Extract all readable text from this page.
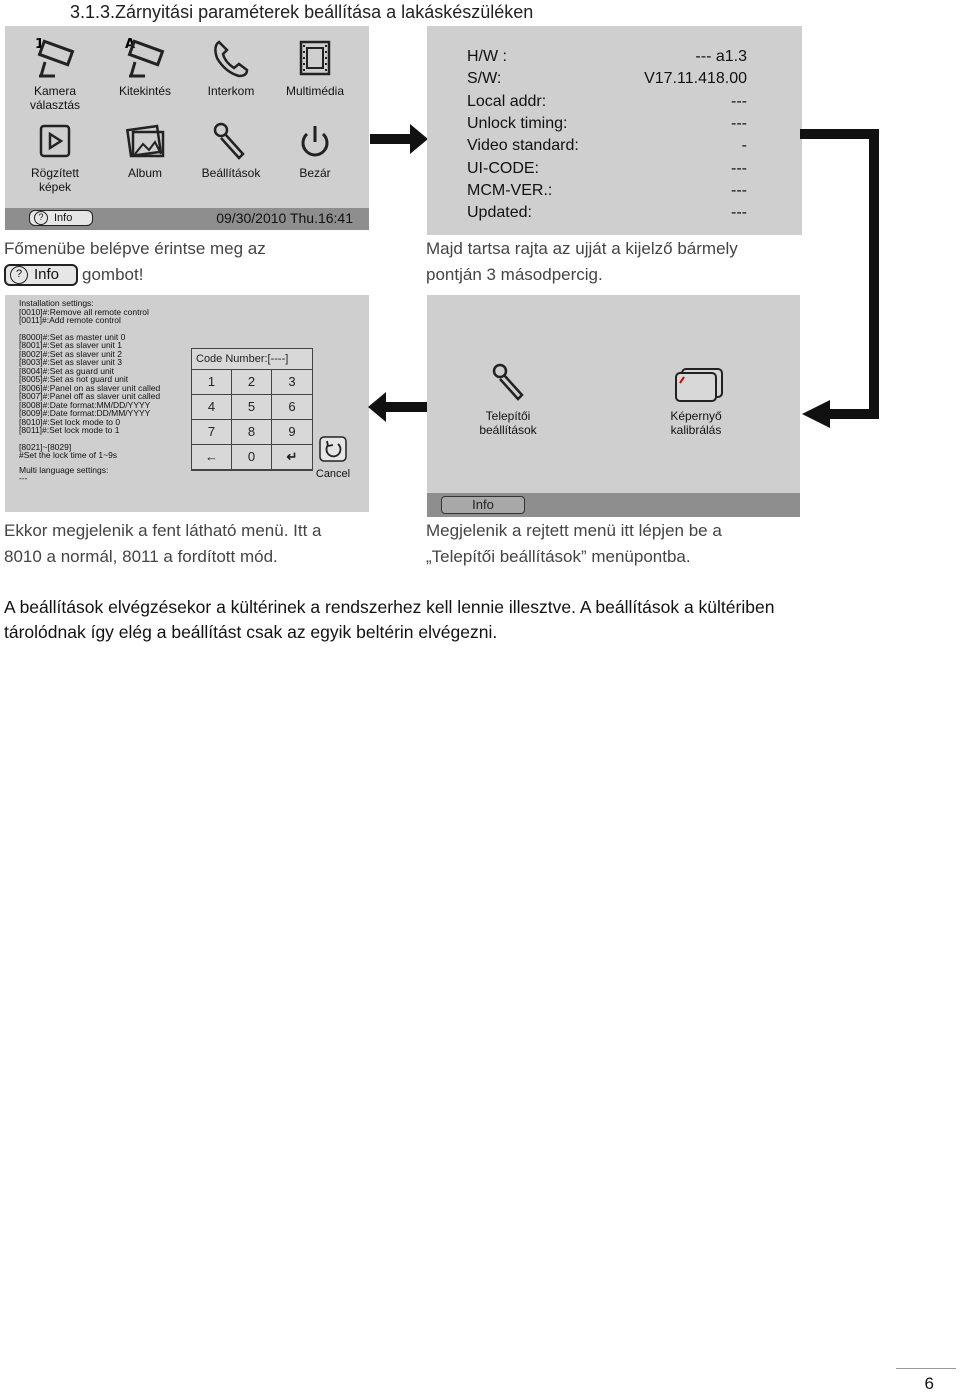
3.1.3.Zárnyitási paraméterek beállítása a lakáskészüléken
1
Kamera
választás
A
Kitekintés	Interkom	Multimédia
Rögzített
képek
Album	Beállítások	Bezár
? Info	09/30/2010 Thu.16:41
Főmenübe belépve érintse meg az
? Info gombot!
H/W :	--- a1.3
S/W:	V17.11.418.00
Local addr:	---
Unlock timing:	---
Video standard:	-
UI-CODE:	---
MCM-VER.:	---
Updated:	---
Majd tartsa rajta az ujját a kijelző bármely
pontján 3 másodpercig.
Installation settings:
[0010]#:Remove all remote control
[0011]#:Add remote control
[8000]#:Set as master unit 0
[8001]#:Set as slaver unit 1
[8002]#:Set as slaver unit 2
[8003]#:Set as slaver unit 3
[8004]#:Set as guard unit
[8005]#:Set as not guard unit
[8006]#:Panel on as slaver unit called
[8007]#:Panel off as slaver unit called
[8008]#:Date format:MM/DD/YYYY
[8009]#:Date format:DD/MM/YYYY
[8010]#:Set lock mode to 0
[8011]#:Set lock mode to 1
[8021]~[8029]
#Set the lock time of 1~9s
Multi language settings:
---
Code Number:[----]
1	2	3
4	5	6
7	8	9
←	0	↵
Cancel
Ekkor megjelenik a fent látható menü. Itt a
8010 a normál, 8011 a fordított mód.
Telepítői
beállítások
Képernyő
kalibrálás
Info
Megjelenik a rejtett menü itt lépjen be a
„Telepítői beállítások” menüpontba.
A beállítások elvégzésekor a kültérinek a rendszerhez kell lennie illesztve. A beállítások a kültériben
tárolódnak így elég a beállítást csak az egyik beltérin elvégezni.
6
